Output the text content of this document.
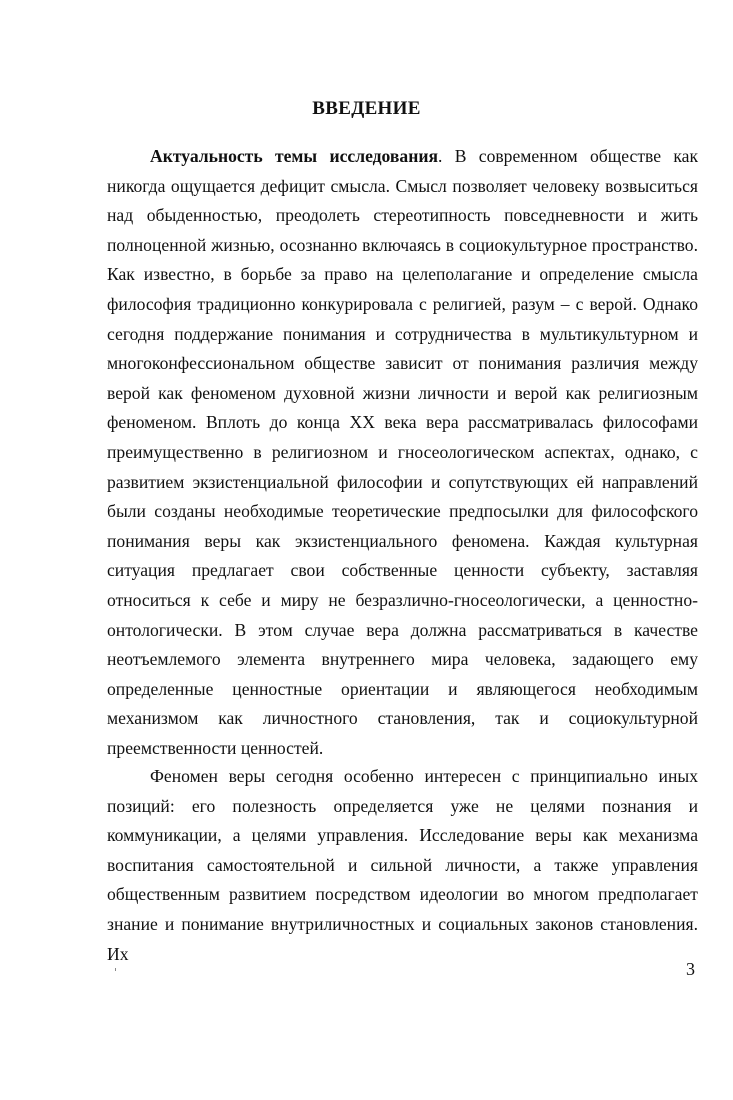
ВВЕДЕНИЕ

Актуальность темы исследования. В современном обществе как никогда ощущается дефицит смысла. Смысл позволяет человеку возвыситься над обыденностью, преодолеть стереотипность повседневности и жить полноценной жизнью, осознанно включаясь в социокультурное пространство. Как известно, в борьбе за право на целеполагание и определение смысла философия традиционно конкурировала с религией, разум – с верой. Однако сегодня поддержание понимания и сотрудничества в мультикультурном и многоконфессиональном обществе зависит от понимания различия между верой как феноменом духовной жизни личности и верой как религиозным феноменом. Вплоть до конца XX века вера рассматривалась философами преимущественно в религиозном и гносеологическом аспектах, однако, с развитием экзистенциальной философии и сопутствующих ей направлений были созданы необходимые теоретические предпосылки для философского понимания веры как экзистенциального феномена. Каждая культурная ситуация предлагает свои собственные ценности субъекту, заставляя относиться к себе и миру не безразлично-гносеологически, а ценностно-онтологически. В этом случае вера должна рассматриваться в качестве неотъемлемого элемента внутреннего мира человека, задающего ему определенные ценностные ориентации и являющегося необходимым механизмом как личностного становления, так и социокультурной преемственности ценностей.

Феномен веры сегодня особенно интересен с принципиально иных позиций: его полезность определяется уже не целями познания и коммуникации, а целями управления. Исследование веры как механизма воспитания самостоятельной и сильной личности, а также управления общественным развитием посредством идеологии во многом предполагает знание и понимание внутриличностных и социальных законов становления. Их

3
